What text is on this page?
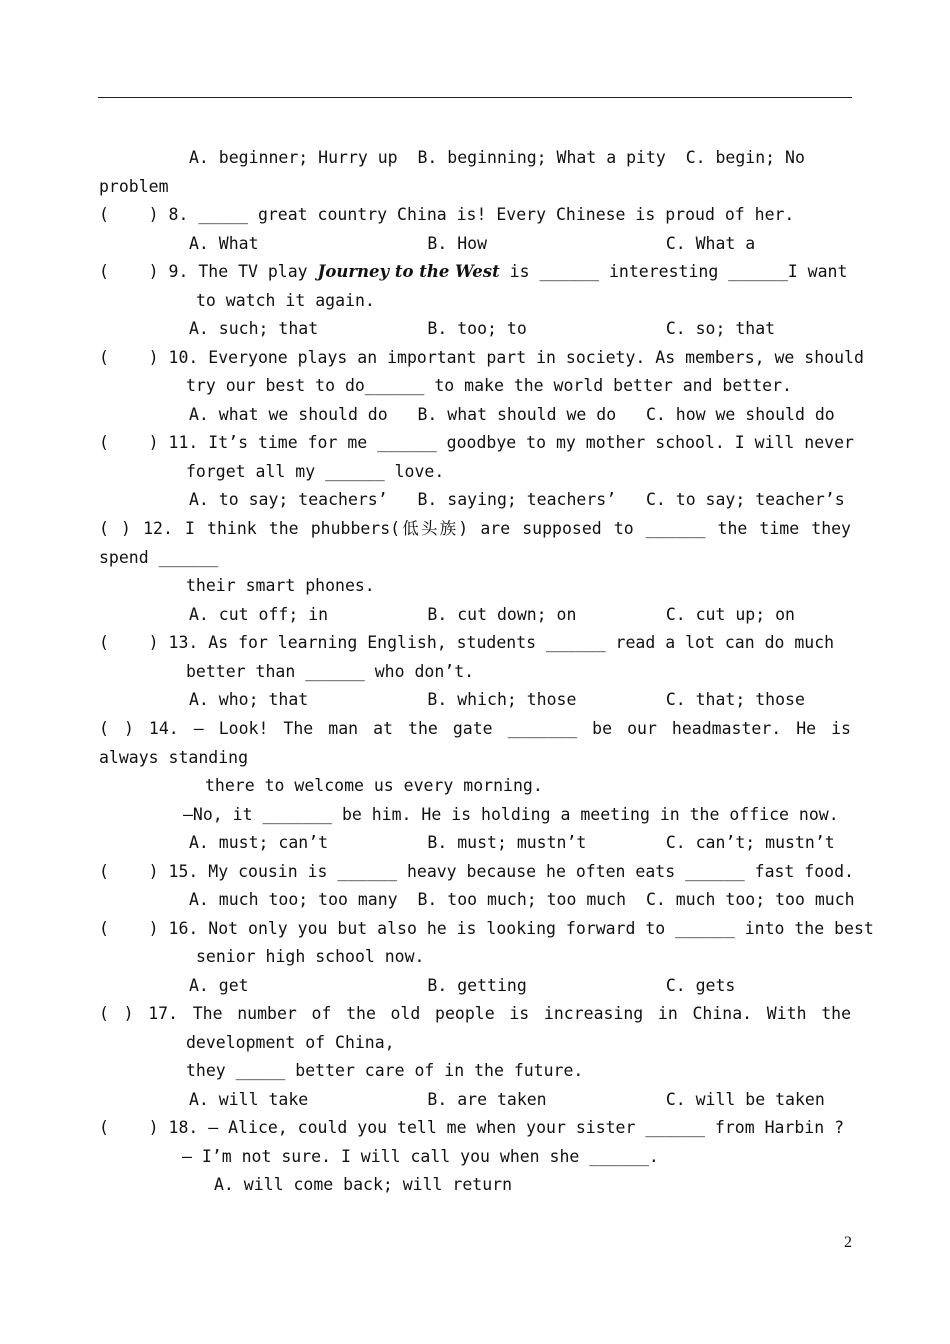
A. beginner; Hurry up  B. beginning; What a pity  C. begin; No
problem
(    ) 8. _____ great country China is! Every Chinese is proud of her.
A. What                 B. How                  C. What a
(    ) 9. The TV play Journey to the West is ______ interesting ______I want
to watch it again.
A. such; that           B. too; to              C. so; that
(    ) 10. Everyone plays an important part in society. As members, we should
try our best to do______ to make the world better and better.
A. what we should do   B. what should we do   C. how we should do
(    ) 11. It’s time for me ______ goodbye to my mother school. I will never
forget all my ______ love.
A. to say; teachers’   B. saying; teachers’   C. to say; teacher’s
( ) 12. I think the phubbers(低头族) are supposed to ______ the time they
spend ______
their smart phones.
A. cut off; in          B. cut down; on         C. cut up; on
(    ) 13. As for learning English, students ______ read a lot can do much
better than ______ who don’t.
A. who; that            B. which; those         C. that; those
( ) 14. — Look! The man at the gate _______ be our headmaster. He is
always standing
there to welcome us every morning.
—No, it _______ be him. He is holding a meeting in the office now.
A. must; can’t          B. must; mustn’t        C. can’t; mustn’t
(    ) 15. My cousin is ______ heavy because he often eats ______ fast food.
A. much too; too many  B. too much; too much  C. much too; too much
(    ) 16. Not only you but also he is looking forward to ______ into the best
senior high school now.
A. get                  B. getting              C. gets
( ) 17. The number of the old people is increasing in China. With the
development of China,
they _____ better care of in the future.
A. will take            B. are taken            C. will be taken
(    ) 18. — Alice, could you tell me when your sister ______ from Harbin ?
— I’m not sure. I will call you when she ______.
A. will come back; will return
2
